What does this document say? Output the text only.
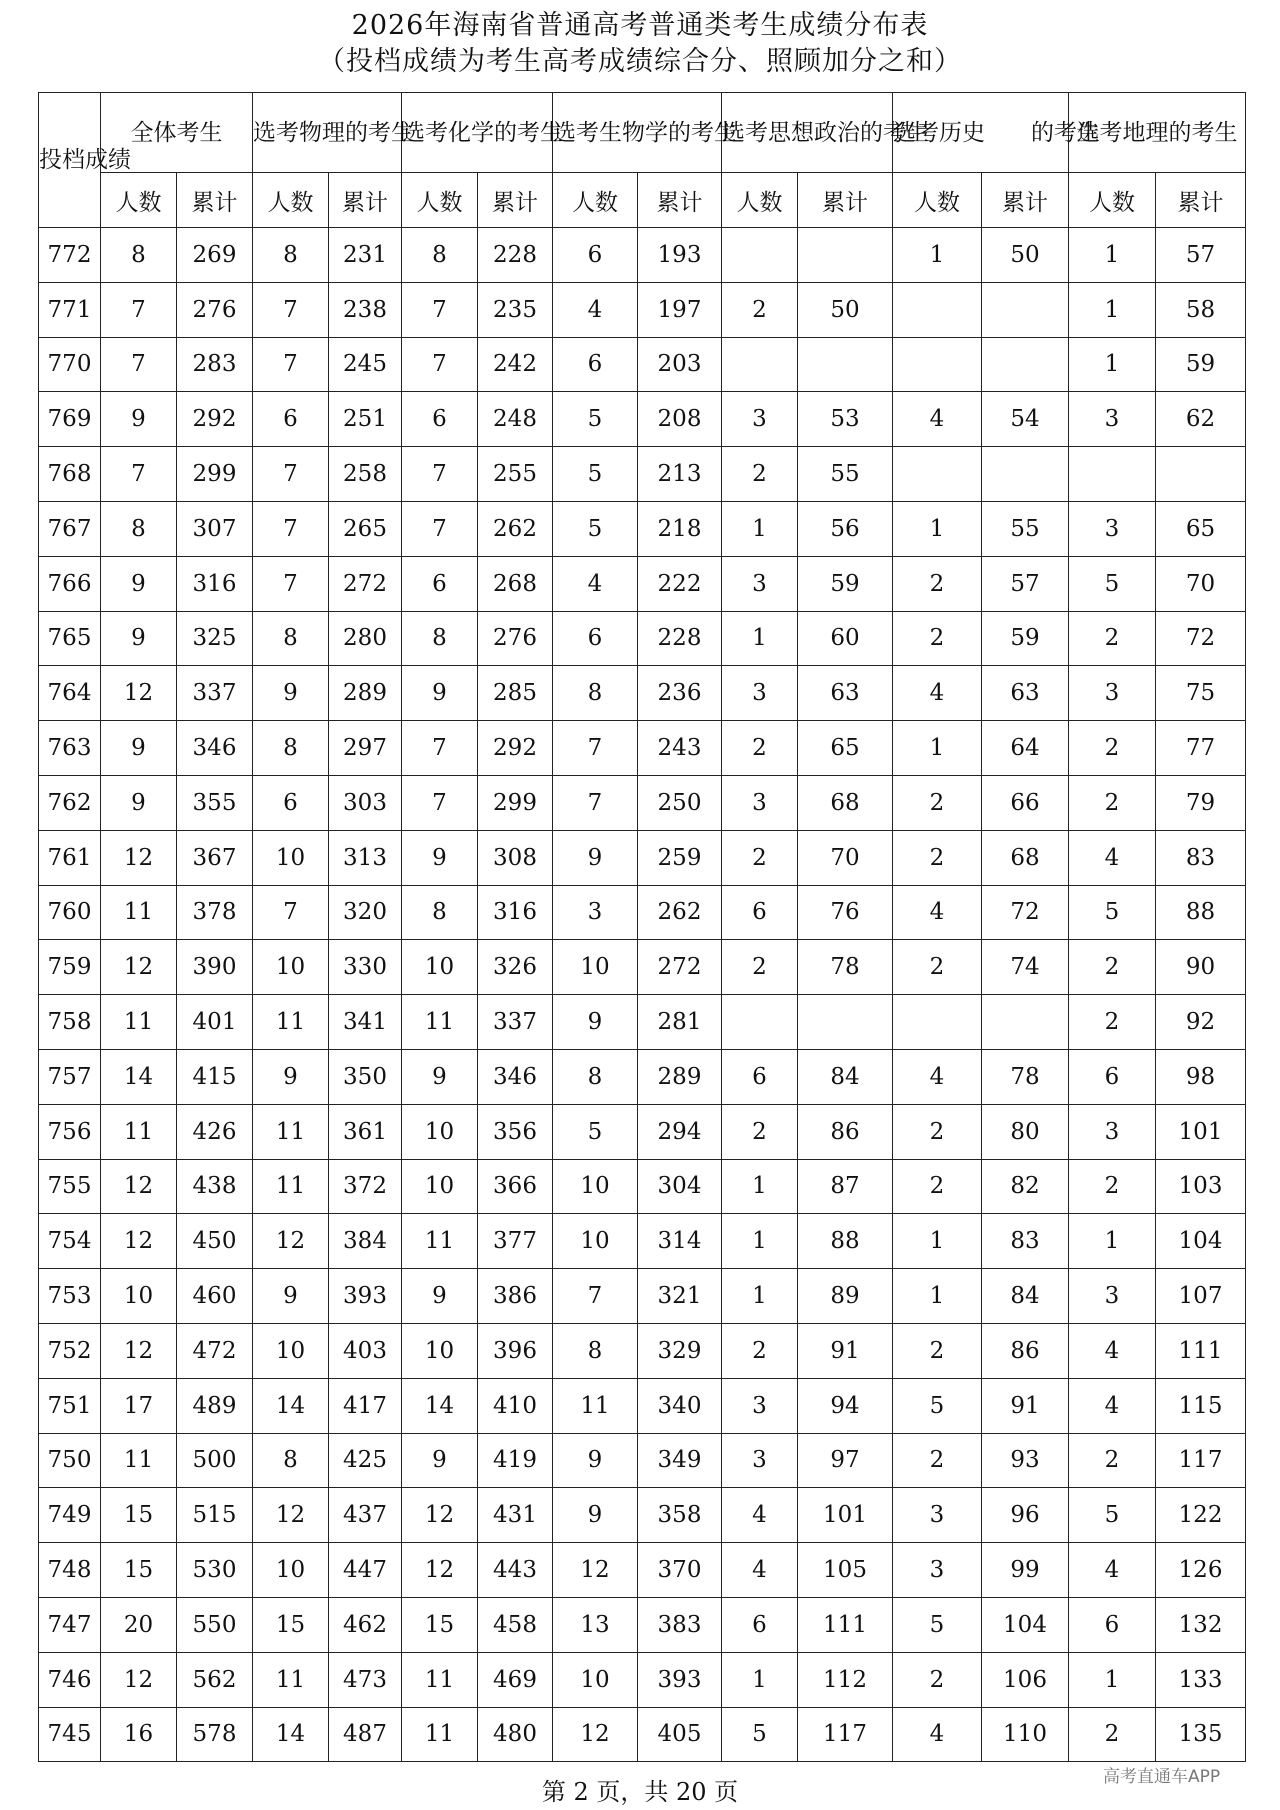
2026年海南省普通高考普通类考生成绩分布表
（投档成绩为考生高考成绩综合分、照顾加分之和）
投档成绩	全体考生		选考物理的考生		选考化学的考生		选考生物学的考生		选考思想政治的考生		选考历史　　的考生		选考地理的考生	
	人数	累计	人数	累计	人数	累计	人数	累计	人数	累计	人数	累计	人数	累计
772	8	269	8	231	8	228	6	193			1	50	1	57
771	7	276	7	238	7	235	4	197	2	50			1	58
770	7	283	7	245	7	242	6	203					1	59
769	9	292	6	251	6	248	5	208	3	53	4	54	3	62
768	7	299	7	258	7	255	5	213	2	55				
767	8	307	7	265	7	262	5	218	1	56	1	55	3	65
766	9	316	7	272	6	268	4	222	3	59	2	57	5	70
765	9	325	8	280	8	276	6	228	1	60	2	59	2	72
764	12	337	9	289	9	285	8	236	3	63	4	63	3	75
763	9	346	8	297	7	292	7	243	2	65	1	64	2	77
762	9	355	6	303	7	299	7	250	3	68	2	66	2	79
761	12	367	10	313	9	308	9	259	2	70	2	68	4	83
760	11	378	7	320	8	316	3	262	6	76	4	72	5	88
759	12	390	10	330	10	326	10	272	2	78	2	74	2	90
758	11	401	11	341	11	337	9	281					2	92
757	14	415	9	350	9	346	8	289	6	84	4	78	6	98
756	11	426	11	361	10	356	5	294	2	86	2	80	3	101
755	12	438	11	372	10	366	10	304	1	87	2	82	2	103
754	12	450	12	384	11	377	10	314	1	88	1	83	1	104
753	10	460	9	393	9	386	7	321	1	89	1	84	3	107
752	12	472	10	403	10	396	8	329	2	91	2	86	4	111
751	17	489	14	417	14	410	11	340	3	94	5	91	4	115
750	11	500	8	425	9	419	9	349	3	97	2	93	2	117
749	15	515	12	437	12	431	9	358	4	101	3	96	5	122
748	15	530	10	447	12	443	12	370	4	105	3	99	4	126
747	20	550	15	462	15	458	13	383	6	111	5	104	6	132
746	12	562	11	473	11	469	10	393	1	112	2	106	1	133
745	16	578	14	487	11	480	12	405	5	117	4	110	2	135
第 2 页，共 20 页
高考直通车APP
